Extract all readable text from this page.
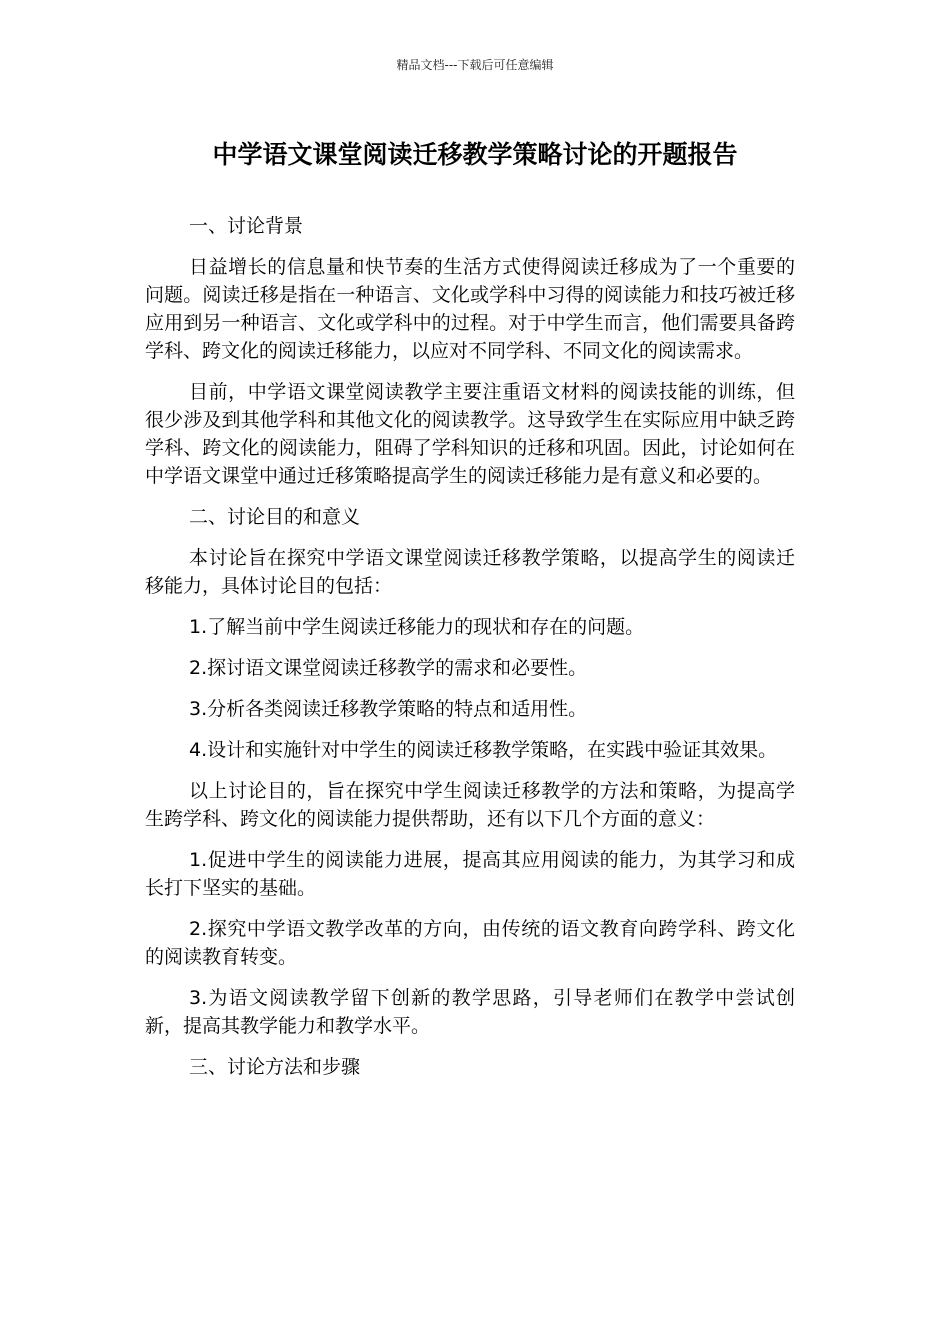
精品文档---下载后可任意编辑
中学语文课堂阅读迁移教学策略讨论的开题报告

一、讨论背景

日益增长的信息量和快节奏的生活方式使得阅读迁移成为了一个重要的问题。阅读迁移是指在一种语言、文化或学科中习得的阅读能力和技巧被迁移应用到另一种语言、文化或学科中的过程。对于中学生而言，他们需要具备跨学科、跨文化的阅读迁移能力，以应对不同学科、不同文化的阅读需求。

目前，中学语文课堂阅读教学主要注重语文材料的阅读技能的训练，但很少涉及到其他学科和其他文化的阅读教学。这导致学生在实际应用中缺乏跨学科、跨文化的阅读能力，阻碍了学科知识的迁移和巩固。因此，讨论如何在中学语文课堂中通过迁移策略提高学生的阅读迁移能力是有意义和必要的。

二、讨论目的和意义

本讨论旨在探究中学语文课堂阅读迁移教学策略，以提高学生的阅读迁移能力，具体讨论目的包括：

1.了解当前中学生阅读迁移能力的现状和存在的问题。

2.探讨语文课堂阅读迁移教学的需求和必要性。

3.分析各类阅读迁移教学策略的特点和适用性。

4.设计和实施针对中学生的阅读迁移教学策略，在实践中验证其效果。

以上讨论目的，旨在探究中学生阅读迁移教学的方法和策略，为提高学生跨学科、跨文化的阅读能力提供帮助，还有以下几个方面的意义：

1.促进中学生的阅读能力进展，提高其应用阅读的能力，为其学习和成长打下坚实的基础。

2.探究中学语文教学改革的方向，由传统的语文教育向跨学科、跨文化的阅读教育转变。

3.为语文阅读教学留下创新的教学思路，引导老师们在教学中尝试创新，提高其教学能力和教学水平。

三、讨论方法和步骤
